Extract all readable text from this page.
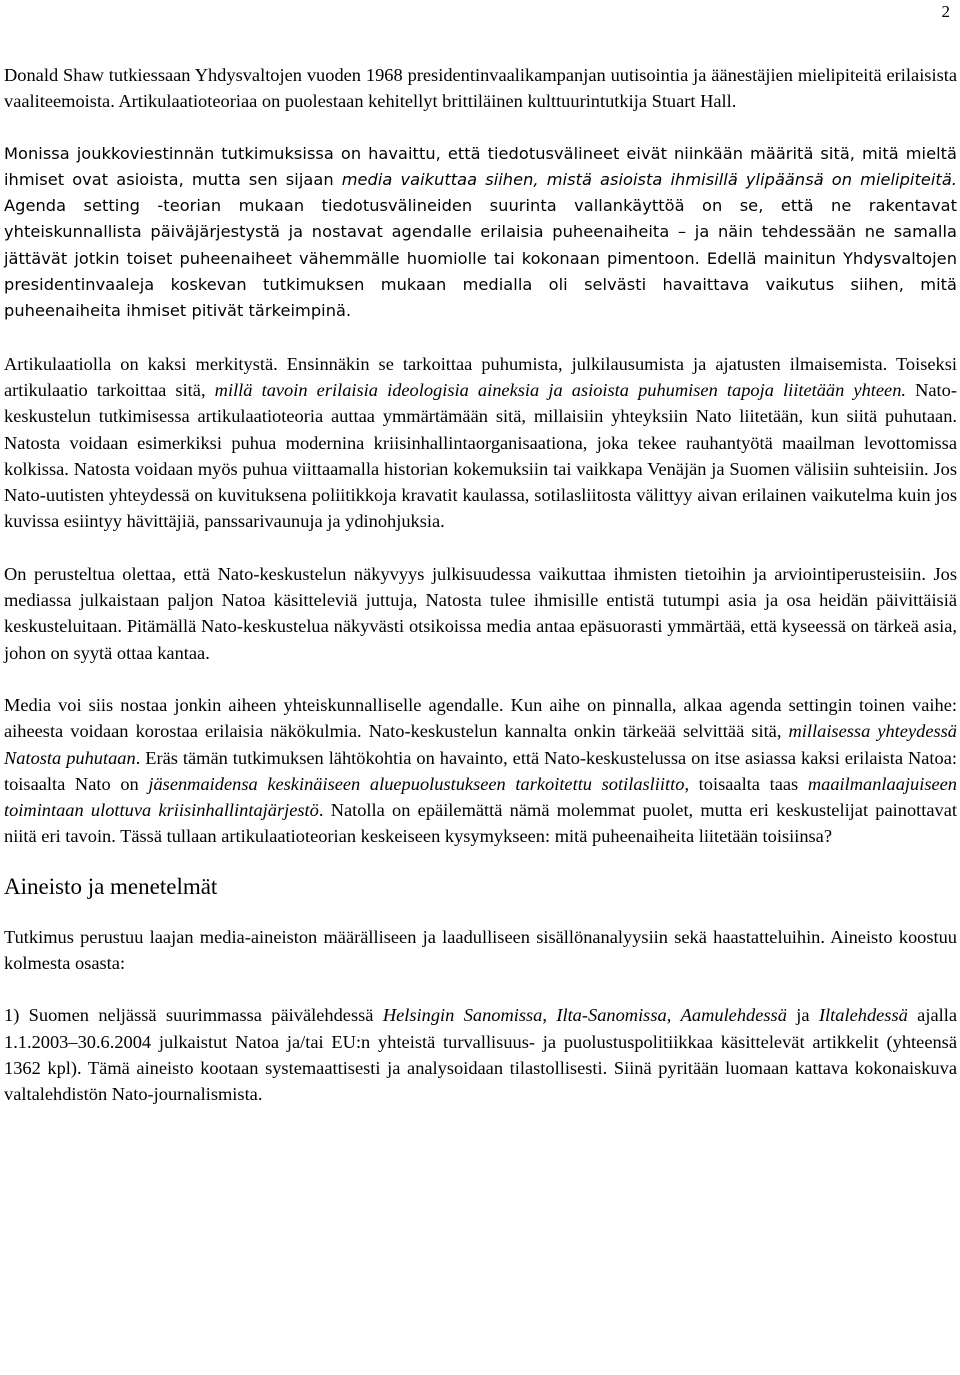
2

Donald Shaw tutkiessaan Yhdysvaltojen vuoden 1968 presidentinvaalikampanjan uutisointia ja äänestäjien mielipiteitä erilaisista vaaliteemoista. Artikulaatioteoriaa on puolestaan kehitellyt brittiläinen kulttuurintutkija Stuart Hall.

Monissa joukkoviestinnän tutkimuksissa on havaittu, että tiedotusvälineet eivät niinkään määritä sitä, mitä mieltä ihmiset ovat asioista, mutta sen sijaan media vaikuttaa siihen, mistä asioista ihmisillä ylipäänsä on mielipiteitä. Agenda setting -teorian mukaan tiedotusvälineiden suurinta vallankäyttöä on se, että ne rakentavat yhteiskunnallista päiväjärjestystä ja nostavat agendalle erilaisia puheenaiheita – ja näin tehdessään ne samalla jättävät jotkin toiset puheenaiheet vähemmälle huomiolle tai kokonaan pimentoon. Edellä mainitun Yhdysvaltojen presidentinvaaleja koskevan tutkimuksen mukaan medialla oli selvästi havaittava vaikutus siihen, mitä puheenaiheita ihmiset pitivät tärkeimpinä.

Artikulaatiolla on kaksi merkitystä. Ensinnäkin se tarkoittaa puhumista, julkilausumista ja ajatusten ilmaisemista. Toiseksi artikulaatio tarkoittaa sitä, millä tavoin erilaisia ideologisia aineksia ja asioista puhumisen tapoja liitetään yhteen. Nato-keskustelun tutkimisessa artikulaatioteoria auttaa ymmärtämään sitä, millaisiin yhteyksiin Nato liitetään, kun siitä puhutaan. Natosta voidaan esimerkiksi puhua modernina kriisinhallintaorganisaationa, joka tekee rauhantyötä maailman levottomissa kolkissa. Natosta voidaan myös puhua viittaamalla historian kokemuksiin tai vaikkapa Venäjän ja Suomen välisiin suhteisiin. Jos Nato-uutisten yhteydessä on kuvituksena poliitikkoja kravatit kaulassa, sotilasliitosta välittyy aivan erilainen vaikutelma kuin jos kuvissa esiintyy hävittäjiä, panssarivaunuja ja ydinohjuksia.

On perusteltua olettaa, että Nato-keskustelun näkyvyys julkisuudessa vaikuttaa ihmisten tietoihin ja arviointiperusteisiin. Jos mediassa julkaistaan paljon Natoa käsitteleviä juttuja, Natosta tulee ihmisille entistä tutumpi asia ja osa heidän päivittäisiä keskusteluitaan. Pitämällä Nato-keskustelua näkyvästi otsikoissa media antaa epäsuorasti ymmärtää, että kyseessä on tärkeä asia, johon on syytä ottaa kantaa.

Media voi siis nostaa jonkin aiheen yhteiskunnalliselle agendalle. Kun aihe on pinnalla, alkaa agenda settingin toinen vaihe: aiheesta voidaan korostaa erilaisia näkökulmia. Nato-keskustelun kannalta onkin tärkeää selvittää sitä, millaisessa yhteydessä Natosta puhutaan. Eräs tämän tutkimuksen lähtökohtia on havainto, että Nato-keskustelussa on itse asiassa kaksi erilaista Natoa: toisaalta Nato on jäsenmaidensa keskinäiseen aluepuolustukseen tarkoitettu sotilasliitto, toisaalta taas maailmanlaajuiseen toimintaan ulottuva kriisinhallintajärjestö. Natolla on epäilemättä nämä molemmat puolet, mutta eri keskustelijat painottavat niitä eri tavoin. Tässä tullaan artikulaatioteorian keskeiseen kysymykseen: mitä puheenaiheita liitetään toisiinsa?

Aineisto ja menetelmät

Tutkimus perustuu laajan media-aineiston määrälliseen ja laadulliseen sisällönanalyysiin sekä haastatteluihin. Aineisto koostuu kolmesta osasta:

1) Suomen neljässä suurimmassa päivälehdessä Helsingin Sanomissa, Ilta-Sanomissa, Aamulehdessä ja Iltalehdessä ajalla 1.1.2003–30.6.2004 julkaistut Natoa ja/tai EU:n yhteistä turvallisuus- ja puolustuspolitiikkaa käsittelevät artikkelit (yhteensä 1362 kpl). Tämä aineisto kootaan systemaattisesti ja analysoidaan tilastollisesti. Siinä pyritään luomaan kattava kokonaiskuva valtalehdistön Nato-journalismista.
